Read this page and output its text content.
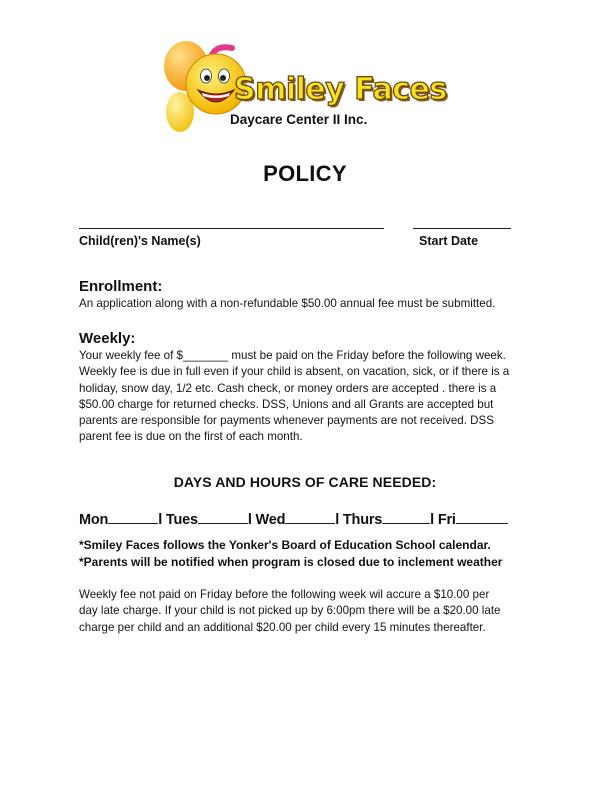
Smiley Faces
Daycare Center II Inc.
POLICY
Child(ren)'s Name(s)	Start Date
Enrollment:
An application along with a non-refundable $50.00 annual fee must be submitted.
Weekly:
Your weekly fee of $_______ must be paid on the Friday before the following week.
Weekly fee is due in full even if your child is absent, on vacation, sick, or if there is a
holiday, snow day, 1/2 etc. Cash check, or money orders are accepted . there is a
$50.00 charge for returned checks. DSS, Unions and all Grants are accepted but
parents are responsible for payments whenever payments are not received. DSS
parent fee is due on the first of each month.
DAYS AND HOURS OF CARE NEEDED:
Mon	l Tues	l Wed	l Thurs	l Fri
*Smiley Faces follows the Yonker's Board of Education School calendar.
*Parents will be notified when program is closed due to inclement weather
Weekly fee not paid on Friday before the following week wil accure a $10.00 per
day late charge. If your child is not picked up by 6:00pm there will be a $20.00 late
charge per child and an additional $20.00 per child every 15 minutes thereafter.
